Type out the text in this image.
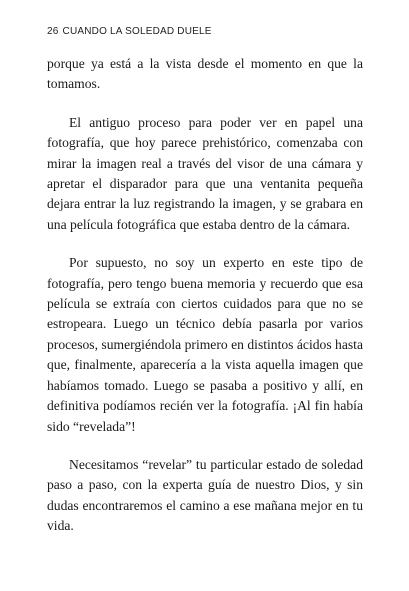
26 CUANDO LA SOLEDAD DUELE

porque ya está a la vista desde el momento en que la tomamos.

El antiguo proceso para poder ver en papel una fotografía, que hoy parece prehistórico, comenzaba con mirar la imagen real a través del visor de una cámara y apretar el disparador para que una ventanita pequeña dejara entrar la luz registrando la imagen, y se grabara en una película fotográfica que estaba dentro de la cámara.

Por supuesto, no soy un experto en este tipo de fotografía, pero tengo buena memoria y recuerdo que esa película se extraía con ciertos cuidados para que no se estropeara. Luego un técnico debía pasarla por varios procesos, sumergiéndola primero en distintos ácidos hasta que, finalmente, aparecería a la vista aquella imagen que habíamos tomado. Luego se pasaba a positivo y allí, en definitiva podíamos recién ver la fotografía. ¡Al fin había sido “revelada”!

Necesitamos “revelar” tu particular estado de soledad paso a paso, con la experta guía de nuestro Dios, y sin dudas encontraremos el camino a ese mañana mejor en tu vida.
